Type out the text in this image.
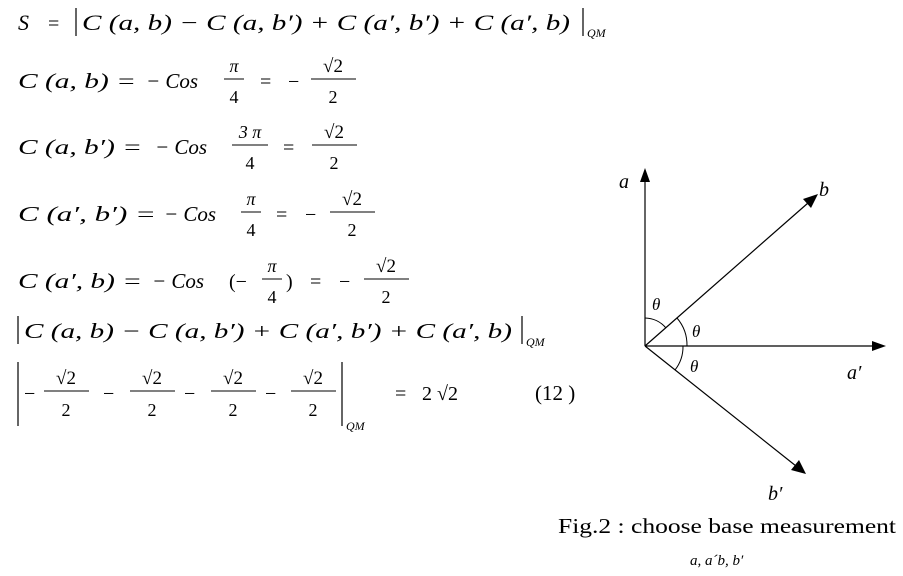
S = C (a, b) − C (a, b′) + C (a′, b′) + C (a′, b) QM
C (a, b) = − Cos
π
4
= −
√2
2
C (a, b′) = − Cos
3 π
4
=
√2
2
C (a′, b′) = − Cos
π
4
= −
√2
2
C (a′, b) = − Cos (−
π
4
) = −
√2
2
C (a, b) − C (a, b′) + C (a′, b′) + C (a′, b) QM
−
√2
2
−
√2
2
−
√2
2
−
√2
2
QM
= 2 √2	(12 )
a	b
a′
b′
θ
θ
θ
Fig.2 : choose base measurement
a, a´b, b′
